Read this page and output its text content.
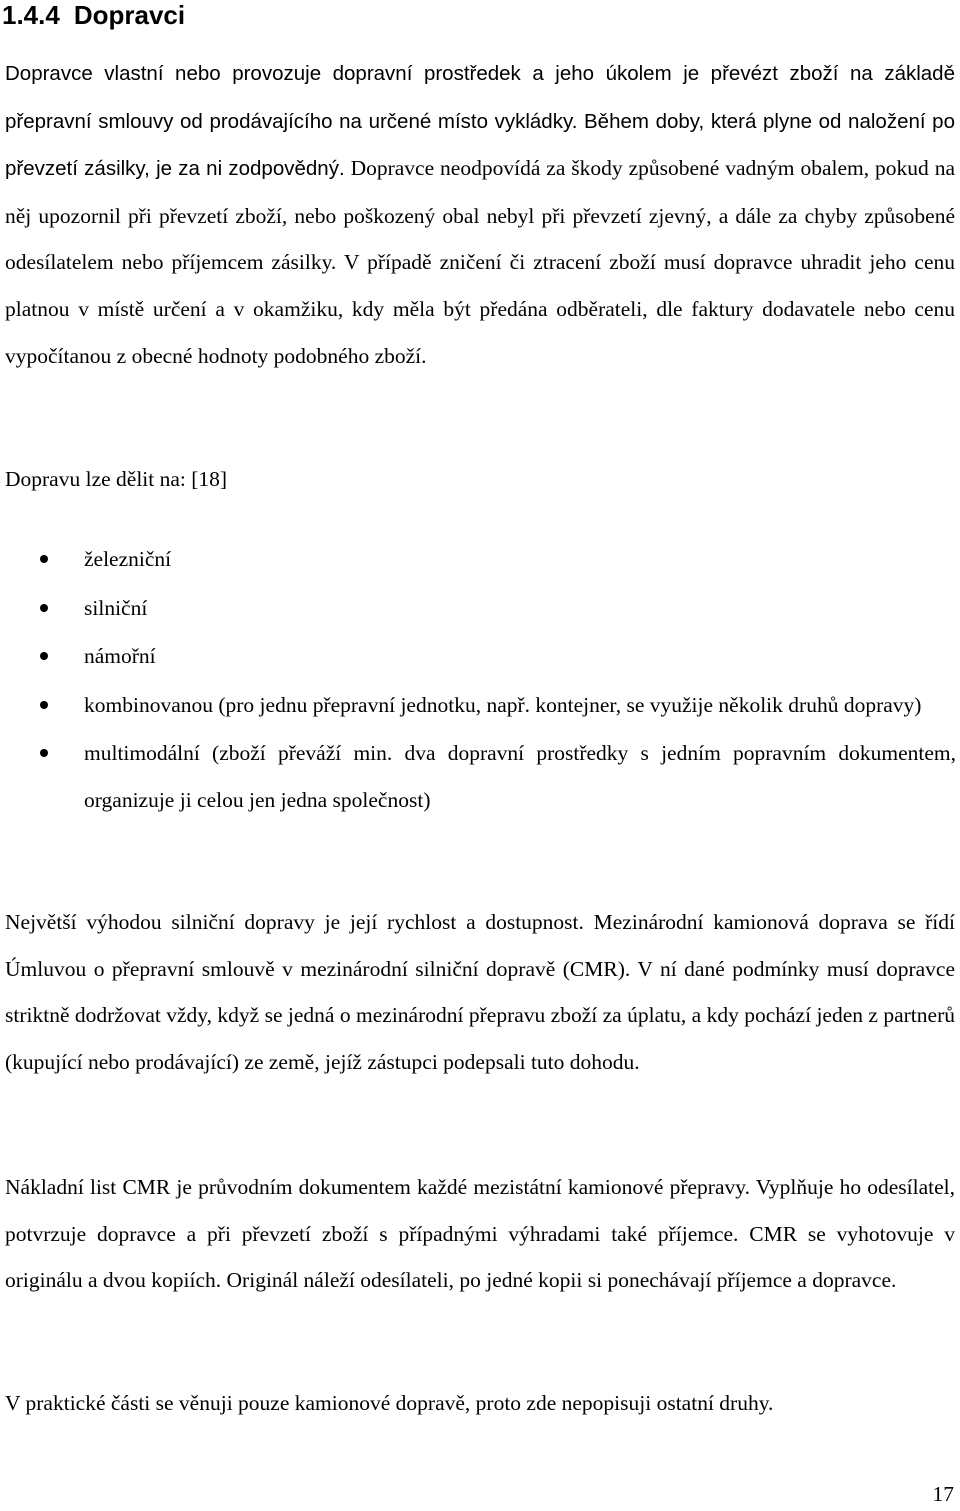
1.4.4 Dopravci

Dopravce vlastní nebo provozuje dopravní prostředek a jeho úkolem je převézt zboží na základě přepravní smlouvy od prodávajícího na určené místo vykládky. Během doby, která plyne od naložení po převzetí zásilky, je za ni zodpovědný. Dopravce neodpovídá za škody způsobené vadným obalem, pokud na něj upozornil při převzetí zboží, nebo poškozený obal nebyl při převzetí zjevný, a dále za chyby způsobené odesílatelem nebo příjemcem zásilky. V případě zničení či ztracení zboží musí dopravce uhradit jeho cenu platnou v místě určení a v okamžiku, kdy měla být předána odběrateli, dle faktury dodavatele nebo cenu vypočítanou z obecné hodnoty podobného zboží.

Dopravu lze dělit na: [18]

železniční
silniční
námořní
kombinovanou (pro jednu přepravní jednotku, např. kontejner, se využije několik druhů dopravy)
multimodální (zboží převáží min. dva dopravní prostředky s jedním popravním dokumentem, organizuje ji celou jen jedna společnost)

Největší výhodou silniční dopravy je její rychlost a dostupnost. Mezinárodní kamionová doprava se řídí Úmluvou o přepravní smlouvě v mezinárodní silniční dopravě (CMR). V ní dané podmínky musí dopravce striktně dodržovat vždy, když se jedná o mezinárodní přepravu zboží za úplatu, a kdy pochází jeden z partnerů (kupující nebo prodávající) ze země, jejíž zástupci podepsali tuto dohodu.

Nákladní list CMR je průvodním dokumentem každé mezistátní kamionové přepravy. Vyplňuje ho odesílatel, potvrzuje dopravce a při převzetí zboží s případnými výhradami také příjemce. CMR se vyhotovuje v originálu a dvou kopiích. Originál náleží odesílateli, po jedné kopii si ponechávají příjemce a dopravce.

V praktické části se věnuji pouze kamionové dopravě, proto zde nepopisuji ostatní druhy.

17
